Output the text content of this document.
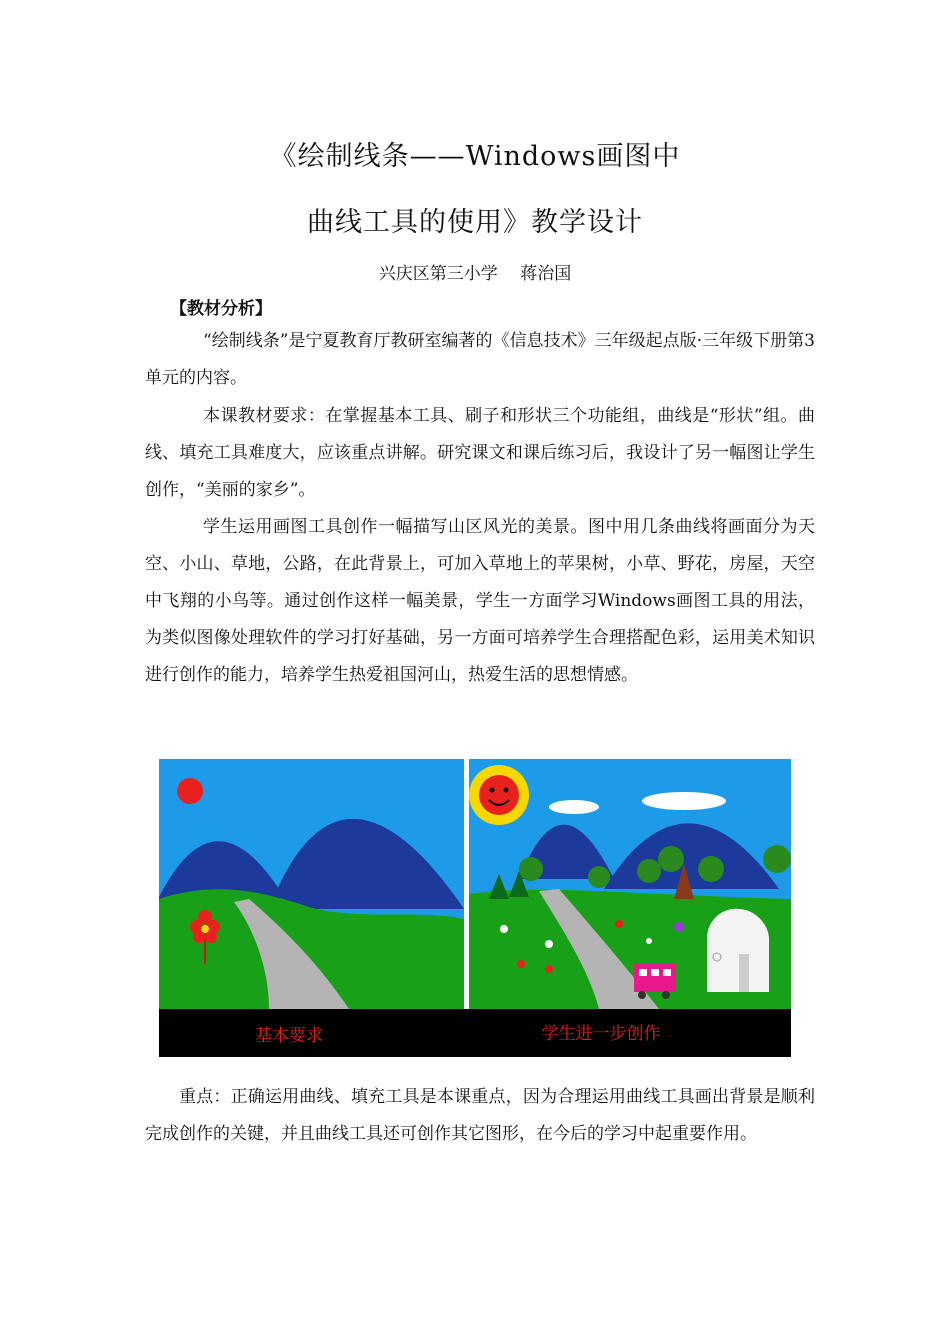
《绘制线条——Windows画图中
曲线工具的使用》教学设计
兴庆区第三小学　 蒋治国
【教材分析】

“绘制线条”是宁夏教育厅教研室编著的《信息技术》三年级起点版·三年级下册第3单元的内容。

本课教材要求：在掌握基本工具、刷子和形状三个功能组，曲线是“形状”组。曲线、填充工具难度大，应该重点讲解。研究课文和课后练习后，我设计了另一幅图让学生创作，“美丽的家乡”。

学生运用画图工具创作一幅描写山区风光的美景。图中用几条曲线将画面分为天空、小山、草地，公路，在此背景上，可加入草地上的苹果树，小草、野花，房屋，天空中飞翔的小鸟等。通过创作这样一幅美景，学生一方面学习Windows画图工具的用法，为类似图像处理软件的学习打好基础，另一方面可培养学生合理搭配色彩，运用美术知识进行创作的能力，培养学生热爱祖国河山，热爱生活的思想情感。

基本要求	学生进一步创作

重点：正确运用曲线、填充工具是本课重点，因为合理运用曲线工具画出背景是顺利完成创作的关键，并且曲线工具还可创作其它图形，在今后的学习中起重要作用。
